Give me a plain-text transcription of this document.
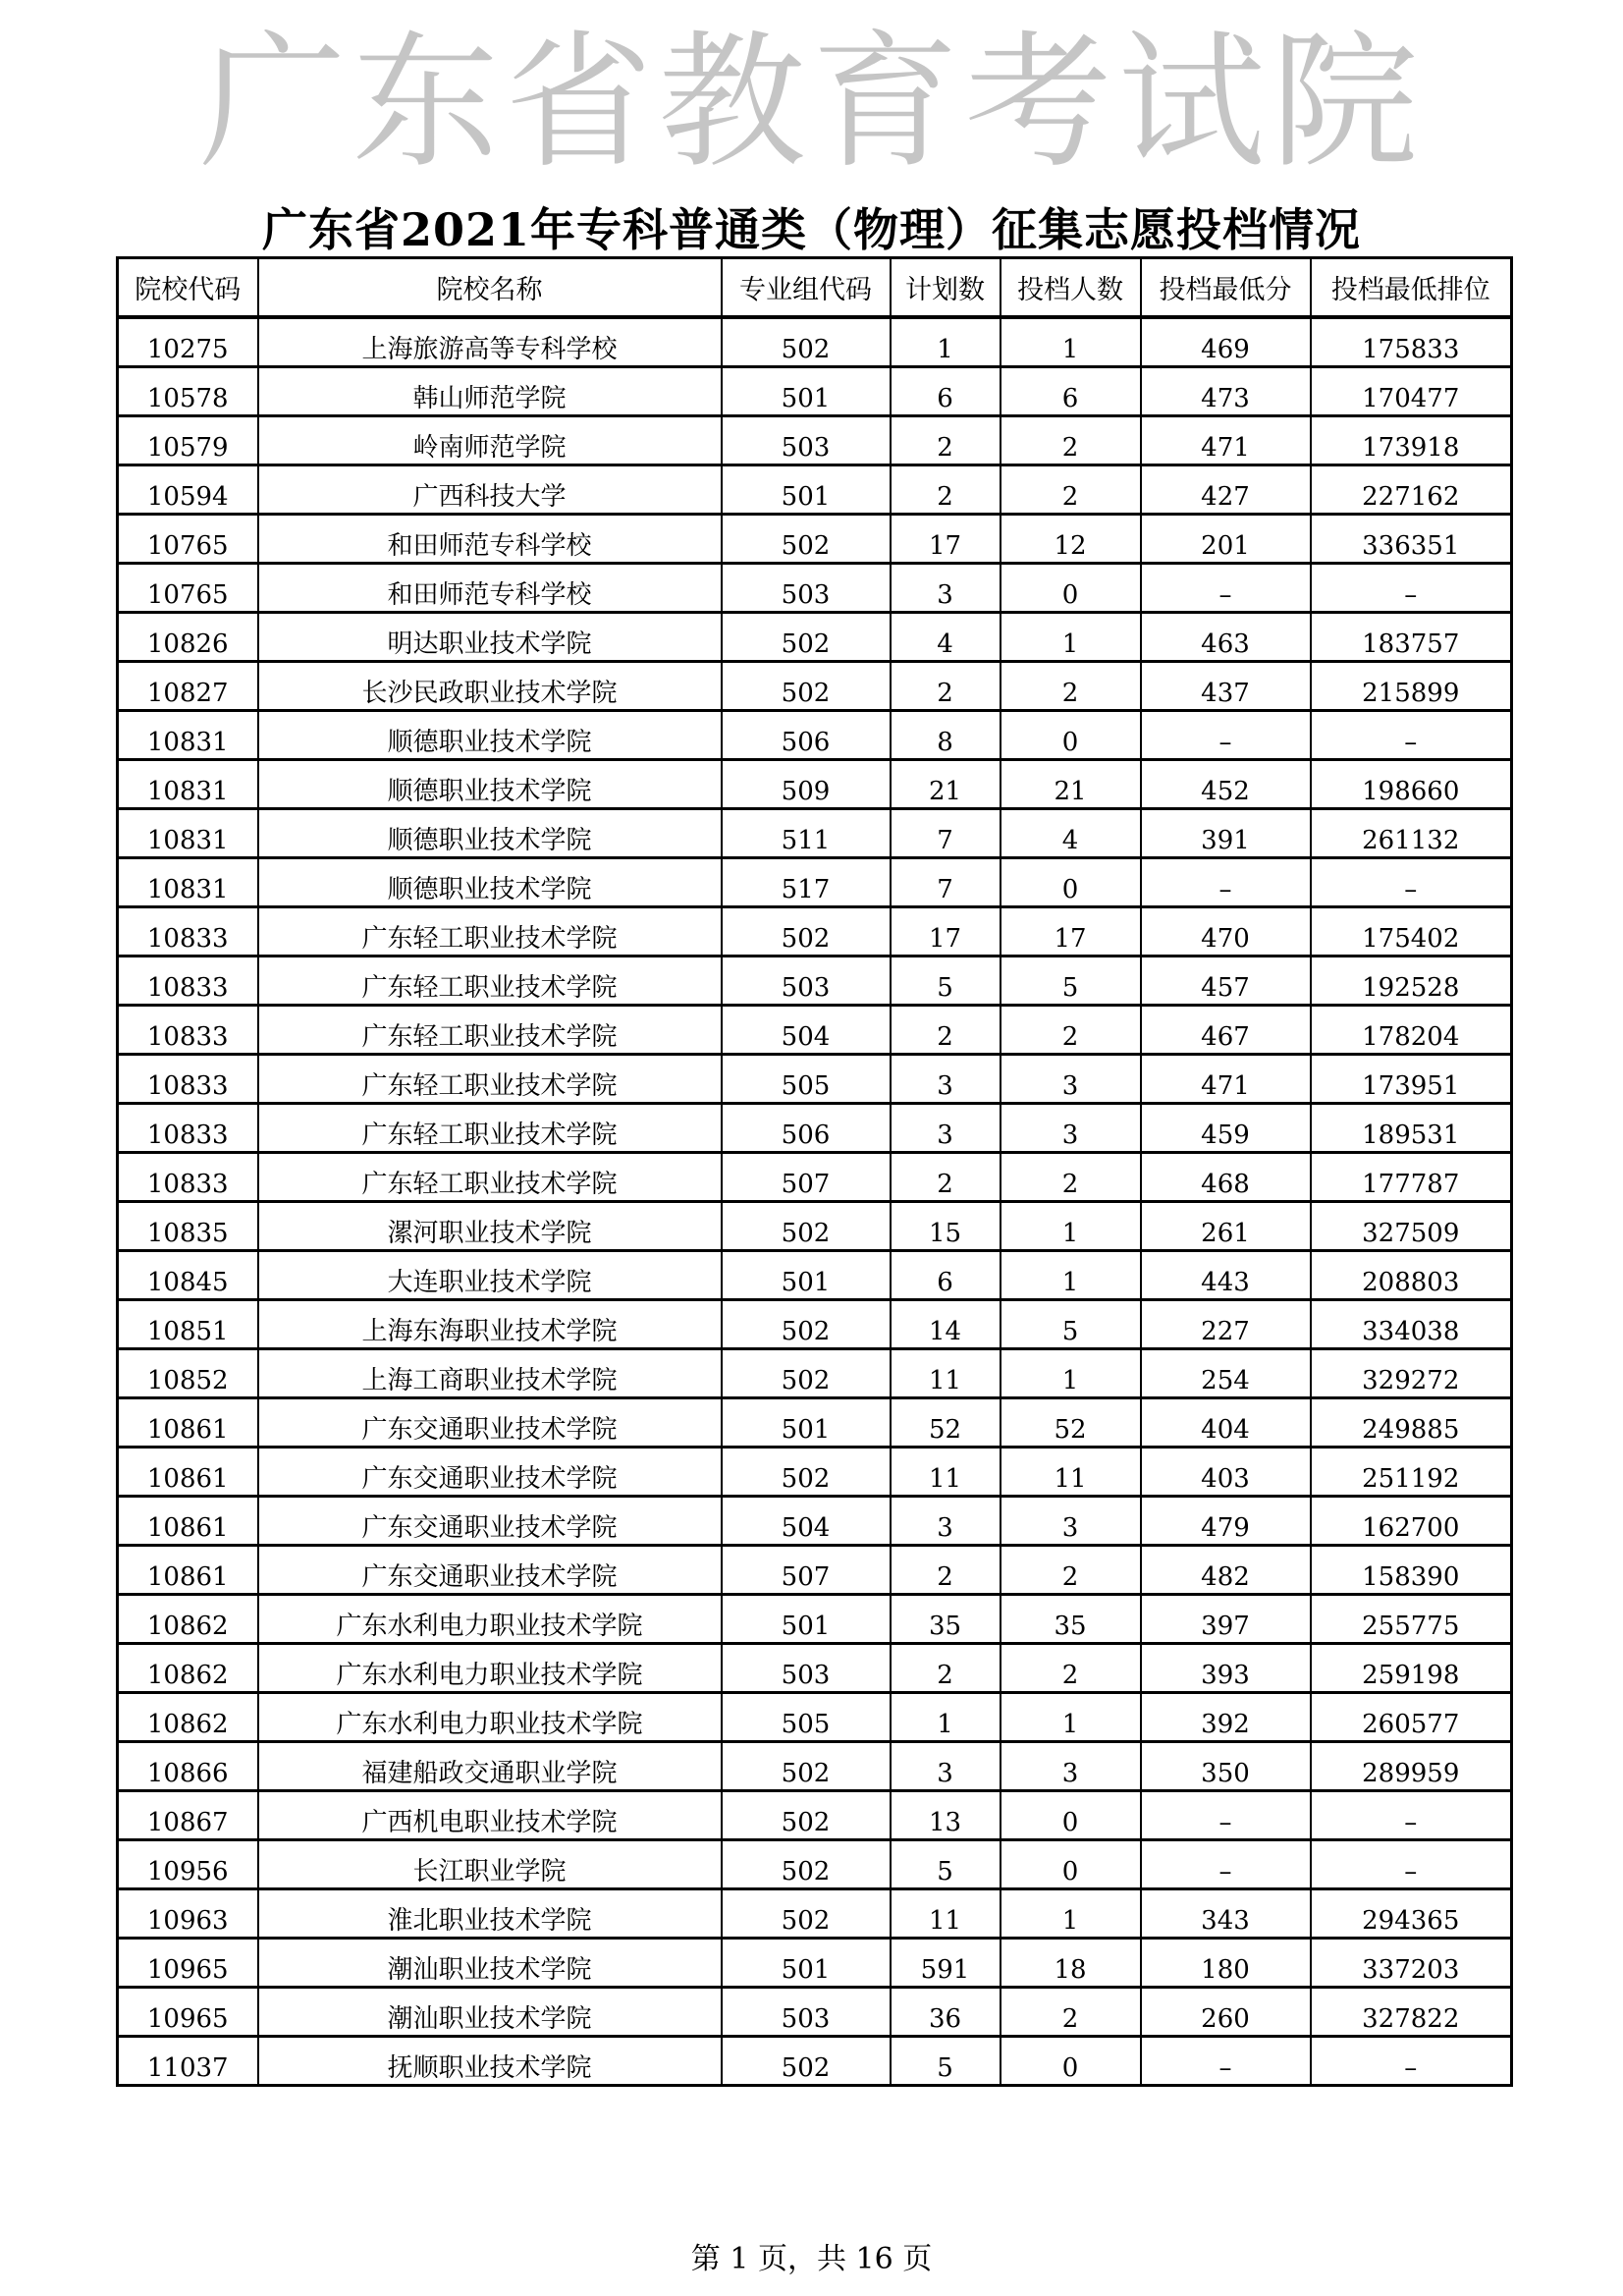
广东省教育考试院
广东省2021年专科普通类（物理）征集志愿投档情况
院校代码	院校名称	专业组代码	计划数	投档人数	投档最低分	投档最低排位
10275	上海旅游高等专科学校	502	1	1	469	175833
10578	韩山师范学院	501	6	6	473	170477
10579	岭南师范学院	503	2	2	471	173918
10594	广西科技大学	501	2	2	427	227162
10765	和田师范专科学校	502	17	12	201	336351
10765	和田师范专科学校	503	3	0	–	–
10826	明达职业技术学院	502	4	1	463	183757
10827	长沙民政职业技术学院	502	2	2	437	215899
10831	顺德职业技术学院	506	8	0	–	–
10831	顺德职业技术学院	509	21	21	452	198660
10831	顺德职业技术学院	511	7	4	391	261132
10831	顺德职业技术学院	517	7	0	–	–
10833	广东轻工职业技术学院	502	17	17	470	175402
10833	广东轻工职业技术学院	503	5	5	457	192528
10833	广东轻工职业技术学院	504	2	2	467	178204
10833	广东轻工职业技术学院	505	3	3	471	173951
10833	广东轻工职业技术学院	506	3	3	459	189531
10833	广东轻工职业技术学院	507	2	2	468	177787
10835	漯河职业技术学院	502	15	1	261	327509
10845	大连职业技术学院	501	6	1	443	208803
10851	上海东海职业技术学院	502	14	5	227	334038
10852	上海工商职业技术学院	502	11	1	254	329272
10861	广东交通职业技术学院	501	52	52	404	249885
10861	广东交通职业技术学院	502	11	11	403	251192
10861	广东交通职业技术学院	504	3	3	479	162700
10861	广东交通职业技术学院	507	2	2	482	158390
10862	广东水利电力职业技术学院	501	35	35	397	255775
10862	广东水利电力职业技术学院	503	2	2	393	259198
10862	广东水利电力职业技术学院	505	1	1	392	260577
10866	福建船政交通职业学院	502	3	3	350	289959
10867	广西机电职业技术学院	502	13	0	–	–
10956	长江职业学院	502	5	0	–	–
10963	淮北职业技术学院	502	11	1	343	294365
10965	潮汕职业技术学院	501	591	18	180	337203
10965	潮汕职业技术学院	503	36	2	260	327822
11037	抚顺职业技术学院	502	5	0	–	–
第 1 页，共 16 页
